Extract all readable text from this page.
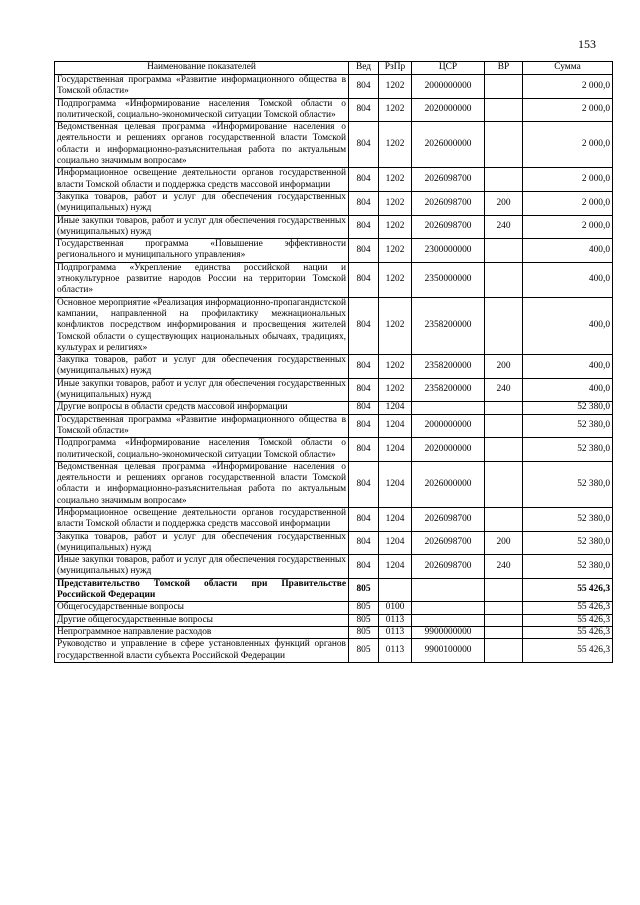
153
Наименование показателей	Вед	РзПр	ЦСР	ВР	Сумма
Государственная программа «Развитие информационного общества в Томской области»	804	1202	2000000000		2 000,0
Подпрограмма «Информирование населения Томской области о политической, социально-экономической ситуации Томской области»	804	1202	2020000000		2 000,0
Ведомственная целевая программа «Информирование населения о деятельности и решениях органов государственной власти Томской области и информационно-разъяснительная работа по актуальным социально значимым вопросам»	804	1202	2026000000		2 000,0
Информационное освещение деятельности органов государственной власти Томской области и поддержка средств массовой информации	804	1202	2026098700		2 000,0
Закупка товаров, работ и услуг для обеспечения государственных (муниципальных) нужд	804	1202	2026098700	200	2 000,0
Иные закупки товаров, работ и услуг для обеспечения государственных (муниципальных) нужд	804	1202	2026098700	240	2 000,0
Государственная программа «Повышение эффективности регионального и муниципального управления»	804	1202	2300000000		400,0
Подпрограмма «Укрепление единства российской нации и этнокультурное развитие народов России на территории Томской области»	804	1202	2350000000		400,0
Основное мероприятие «Реализация информационно-пропагандистской кампании, направленной на профилактику межнациональных конфликтов посредством информирования и просвещения жителей Томской области о существующих национальных обычаях, традициях, культурах и религиях»	804	1202	2358200000		400,0
Закупка товаров, работ и услуг для обеспечения государственных (муниципальных) нужд	804	1202	2358200000	200	400,0
Иные закупки товаров, работ и услуг для обеспечения государственных (муниципальных) нужд	804	1202	2358200000	240	400,0
Другие вопросы в области средств массовой информации	804	1204			52 380,0
Государственная программа «Развитие информационного общества в Томской области»	804	1204	2000000000		52 380,0
Подпрограмма «Информирование населения Томской области о политической, социально-экономической ситуации Томской области»	804	1204	2020000000		52 380,0
Ведомственная целевая программа «Информирование населения о деятельности и решениях органов государственной власти Томской области и информационно-разъяснительная работа по актуальным социально значимым вопросам»	804	1204	2026000000		52 380,0
Информационное освещение деятельности органов государственной власти Томской области и поддержка средств массовой информации	804	1204	2026098700		52 380,0
Закупка товаров, работ и услуг для обеспечения государственных (муниципальных) нужд	804	1204	2026098700	200	52 380,0
Иные закупки товаров, работ и услуг для обеспечения государственных (муниципальных) нужд	804	1204	2026098700	240	52 380,0
Представительство Томской области при Правительстве Российской Федерации	805				55 426,3
Общегосударственные вопросы	805	0100			55 426,3
Другие общегосударственные вопросы	805	0113			55 426,3
Непрограммное направление расходов	805	0113	9900000000		55 426,3
Руководство и управление в сфере установленных функций органов государственной власти субъекта Российской Федерации	805	0113	9900100000		55 426,3
